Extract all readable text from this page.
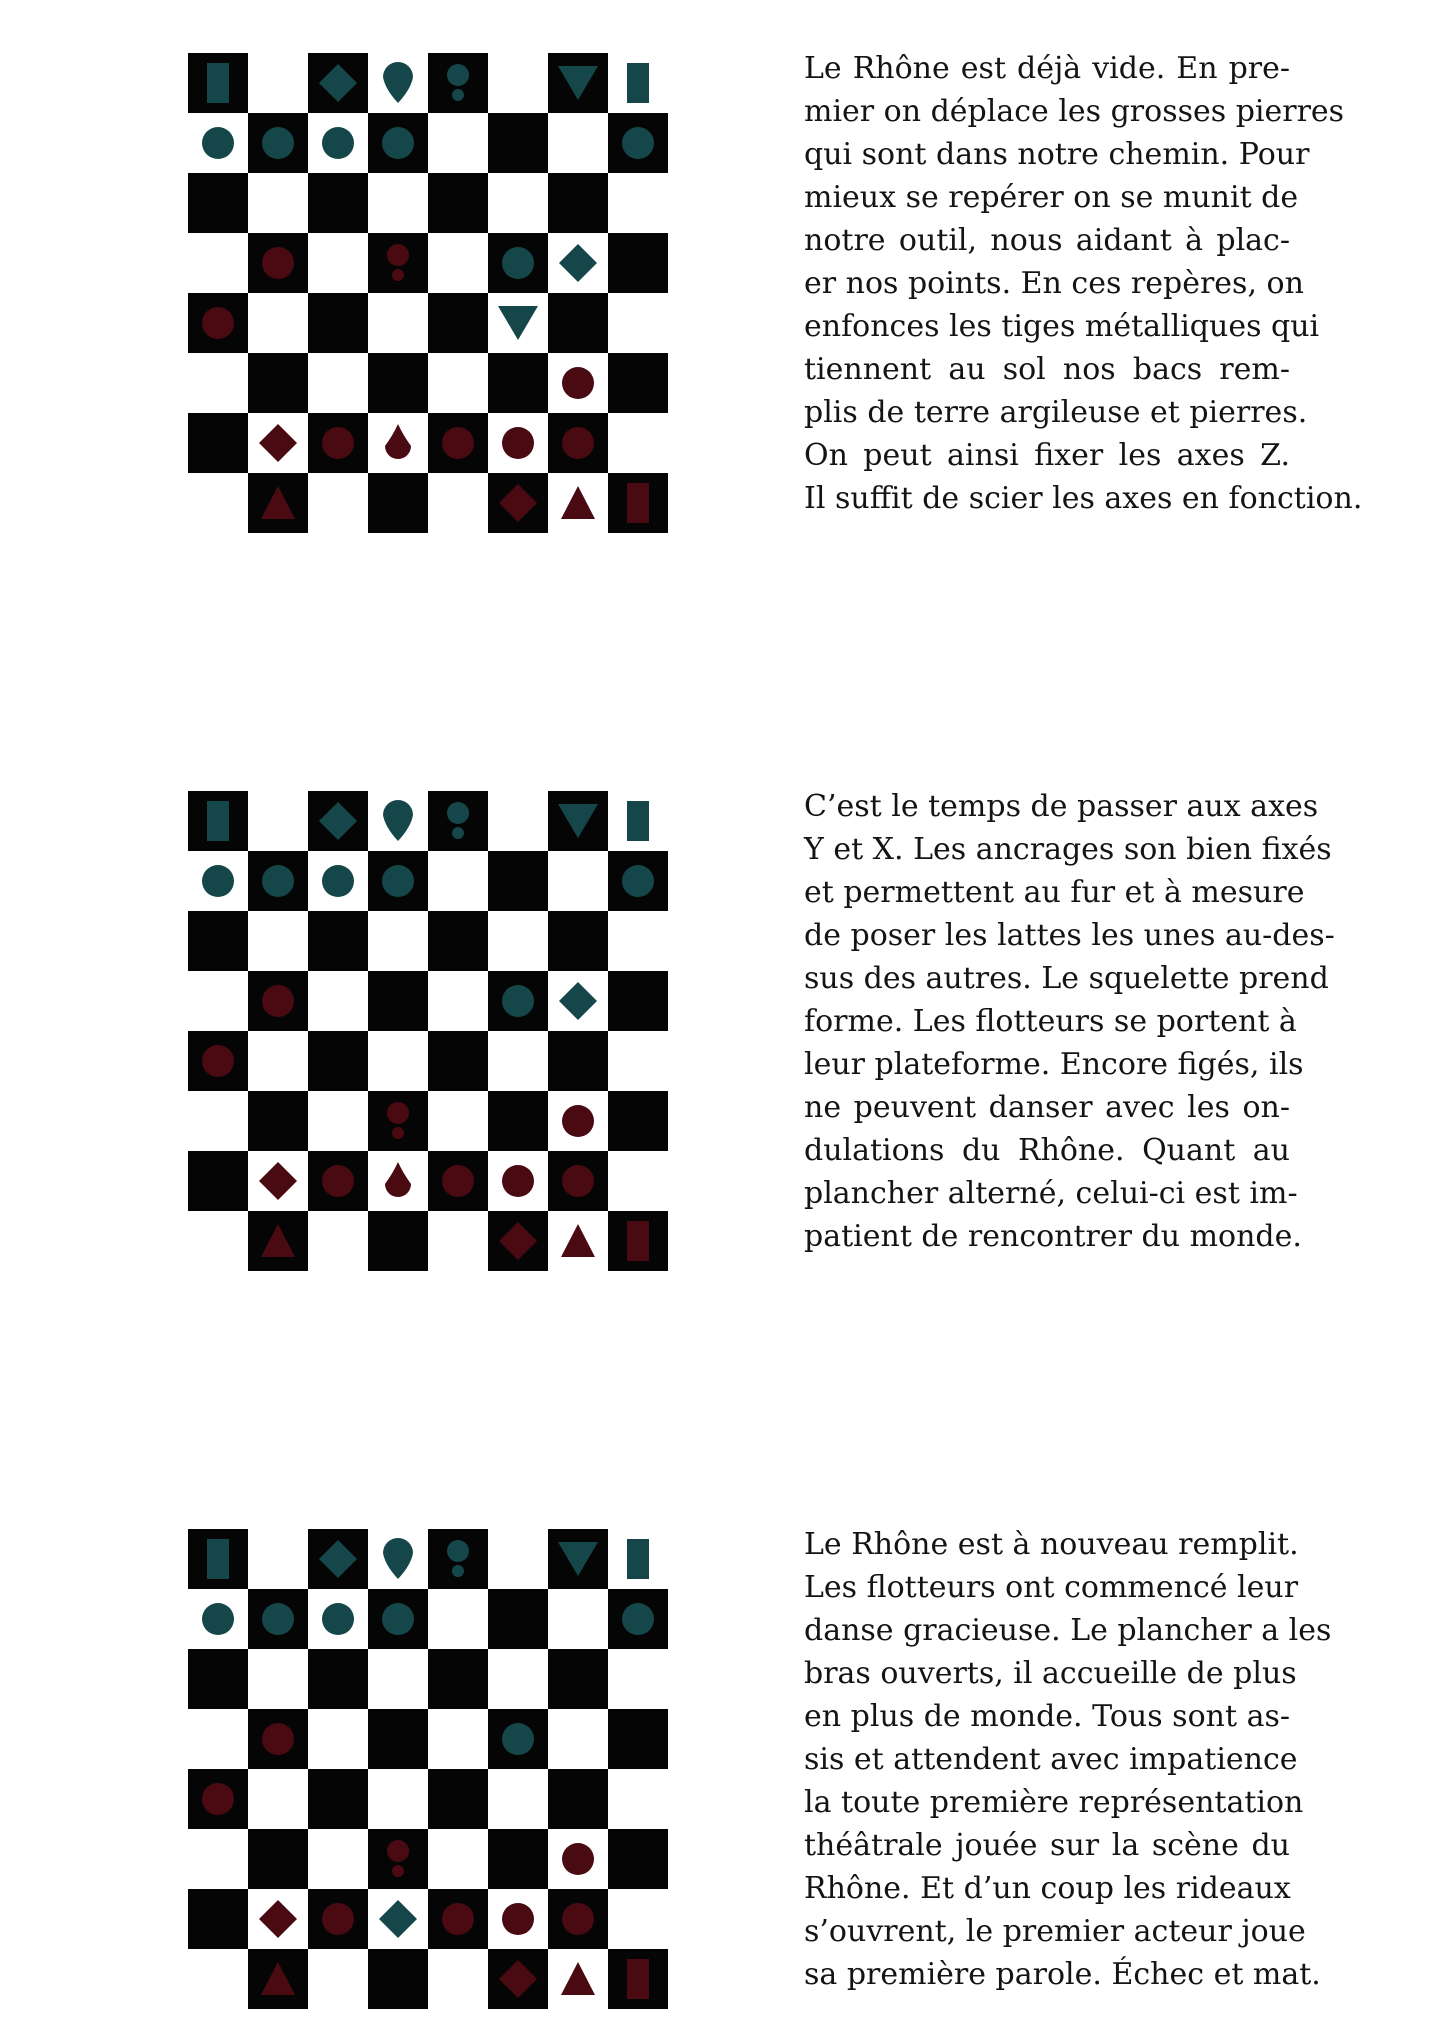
Le Rhône est déjà vide. En pre-
mier on déplace les grosses pierres
qui sont dans notre chemin. Pour
mieux se repérer on se munit de
notre outil, nous aidant à plac-
er nos points. En ces repères, on
enfonces les tiges métalliques qui
tiennent au sol nos bacs rem-
plis de terre argileuse et pierres.
On peut ainsi fixer les axes Z.
Il suffit de scier les axes en fonction.

C’est le temps de passer aux axes
Y et X. Les ancrages son bien fixés
et permettent au fur et à mesure
de poser les lattes les unes au-des-
sus des autres. Le squelette prend
forme. Les flotteurs se portent à
leur plateforme. Encore figés, ils
ne peuvent danser avec les on-
dulations du Rhône. Quant au
plancher alterné, celui-ci est im-
patient de rencontrer du monde.

Le Rhône est à nouveau remplit.
Les flotteurs ont commencé leur
danse gracieuse. Le plancher a les
bras ouverts, il accueille de plus
en plus de monde. Tous sont as-
sis et attendent avec impatience
la toute première représentation
théâtrale jouée sur la scène du
Rhône. Et d’un coup les rideaux
s’ouvrent, le premier acteur joue
sa première parole. Échec et mat.
